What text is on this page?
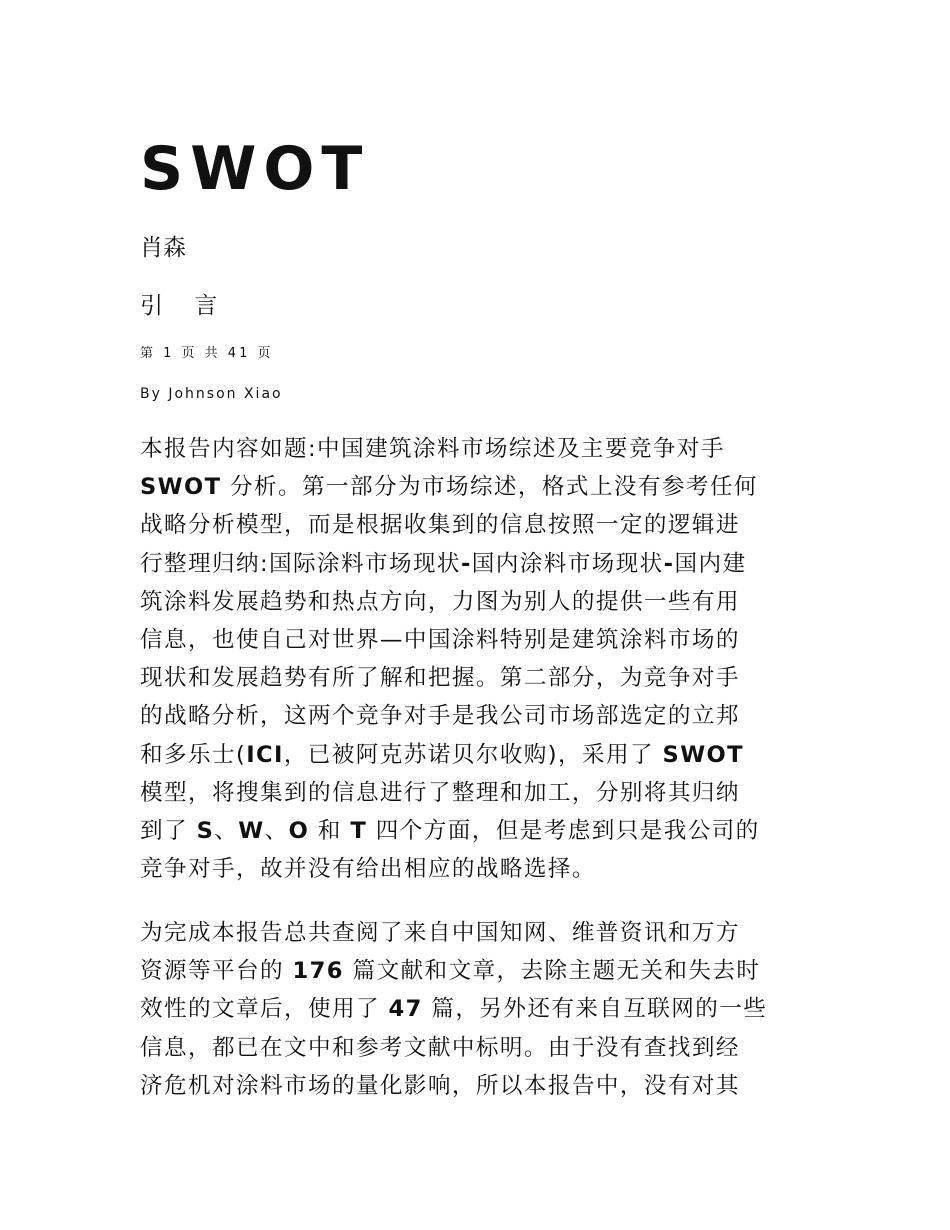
SWOT

肖森

引 言

第 1 页 共 41 页
By Johnson Xiao
本报告内容如题:中国建筑涂料市场综述及主要竞争对手
SWOT 分析。第一部分为市场综述，格式上没有参考任何
战略分析模型，而是根据收集到的信息按照一定的逻辑进
行整理归纳:国际涂料市场现状-国内涂料市场现状-国内建
筑涂料发展趋势和热点方向，力图为别人的提供一些有用
信息，也使自己对世界—中国涂料特别是建筑涂料市场的
现状和发展趋势有所了解和把握。第二部分，为竞争对手
的战略分析，这两个竞争对手是我公司市场部选定的立邦
和多乐士(ICI，已被阿克苏诺贝尔收购)，采用了 SWOT
模型，将搜集到的信息进行了整理和加工，分别将其归纳
到了 S、W、O 和 T 四个方面，但是考虑到只是我公司的
竞争对手，故并没有给出相应的战略选择。
为完成本报告总共查阅了来自中国知网、维普资讯和万方
资源等平台的 176 篇文献和文章，去除主题无关和失去时
效性的文章后，使用了 47 篇，另外还有来自互联网的一些
信息，都已在文中和参考文献中标明。由于没有查找到经
济危机对涂料市场的量化影响，所以本报告中，没有对其
